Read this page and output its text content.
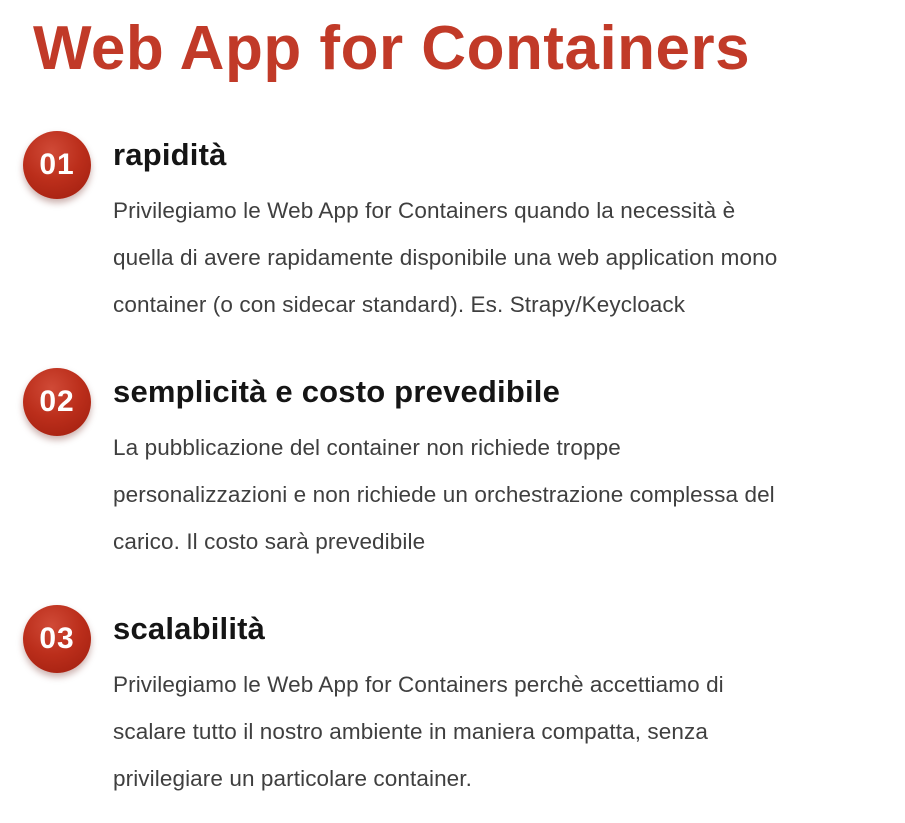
Web App for Containers
01 rapidità

Privilegiamo le Web App for Containers quando la necessità è

quella di avere rapidamente disponibile una web application mono

container (o con sidecar standard). Es. Strapy/Keycloack

02 semplicità e costo prevedibile

La pubblicazione del container non richiede troppe

personalizzazioni e non richiede un orchestrazione complessa del

carico. Il costo sarà prevedibile

03 scalabilità

Privilegiamo le Web App for Containers perchè accettiamo di

scalare tutto il nostro ambiente in maniera compatta, senza

privilegiare un particolare container.
